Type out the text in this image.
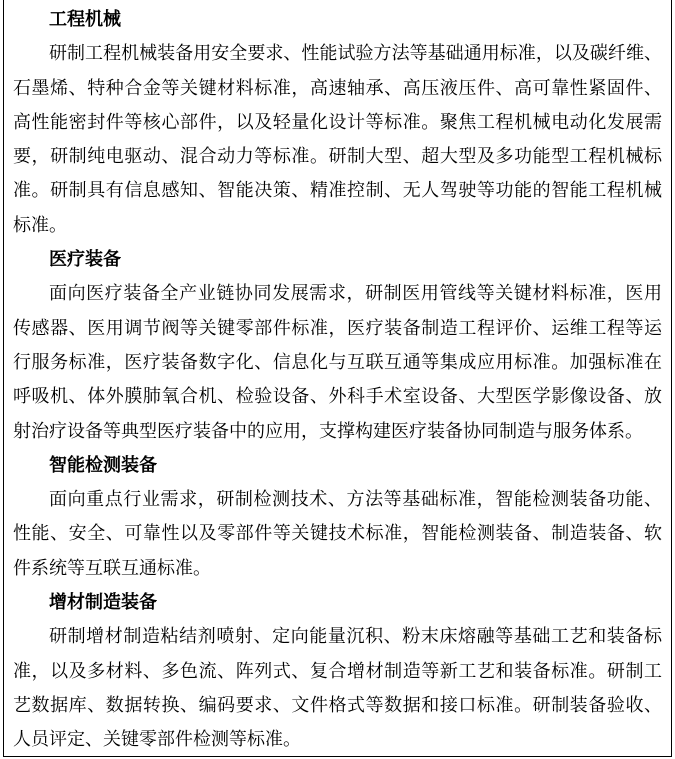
工程机械
研制工程机械装备用安全要求、性能试验方法等基础通用标准，以及碳纤维、
石墨烯、特种合金等关键材料标准，高速轴承、高压液压件、高可靠性紧固件、
高性能密封件等核心部件，以及轻量化设计等标准。聚焦工程机械电动化发展需
要，研制纯电驱动、混合动力等标准。研制大型、超大型及多功能型工程机械标
准。研制具有信息感知、智能决策、精准控制、无人驾驶等功能的智能工程机械
标准。
医疗装备
面向医疗装备全产业链协同发展需求，研制医用管线等关键材料标准，医用
传感器、医用调节阀等关键零部件标准，医疗装备制造工程评价、运维工程等运
行服务标准，医疗装备数字化、信息化与互联互通等集成应用标准。加强标准在
呼吸机、体外膜肺氧合机、检验设备、外科手术室设备、大型医学影像设备、放
射治疗设备等典型医疗装备中的应用，支撑构建医疗装备协同制造与服务体系。
智能检测装备
面向重点行业需求，研制检测技术、方法等基础标准，智能检测装备功能、
性能、安全、可靠性以及零部件等关键技术标准，智能检测装备、制造装备、软
件系统等互联互通标准。
增材制造装备
研制增材制造粘结剂喷射、定向能量沉积、粉末床熔融等基础工艺和装备标
准，以及多材料、多色流、阵列式、复合增材制造等新工艺和装备标准。研制工
艺数据库、数据转换、编码要求、文件格式等数据和接口标准。研制装备验收、
人员评定、关键零部件检测等标准。
